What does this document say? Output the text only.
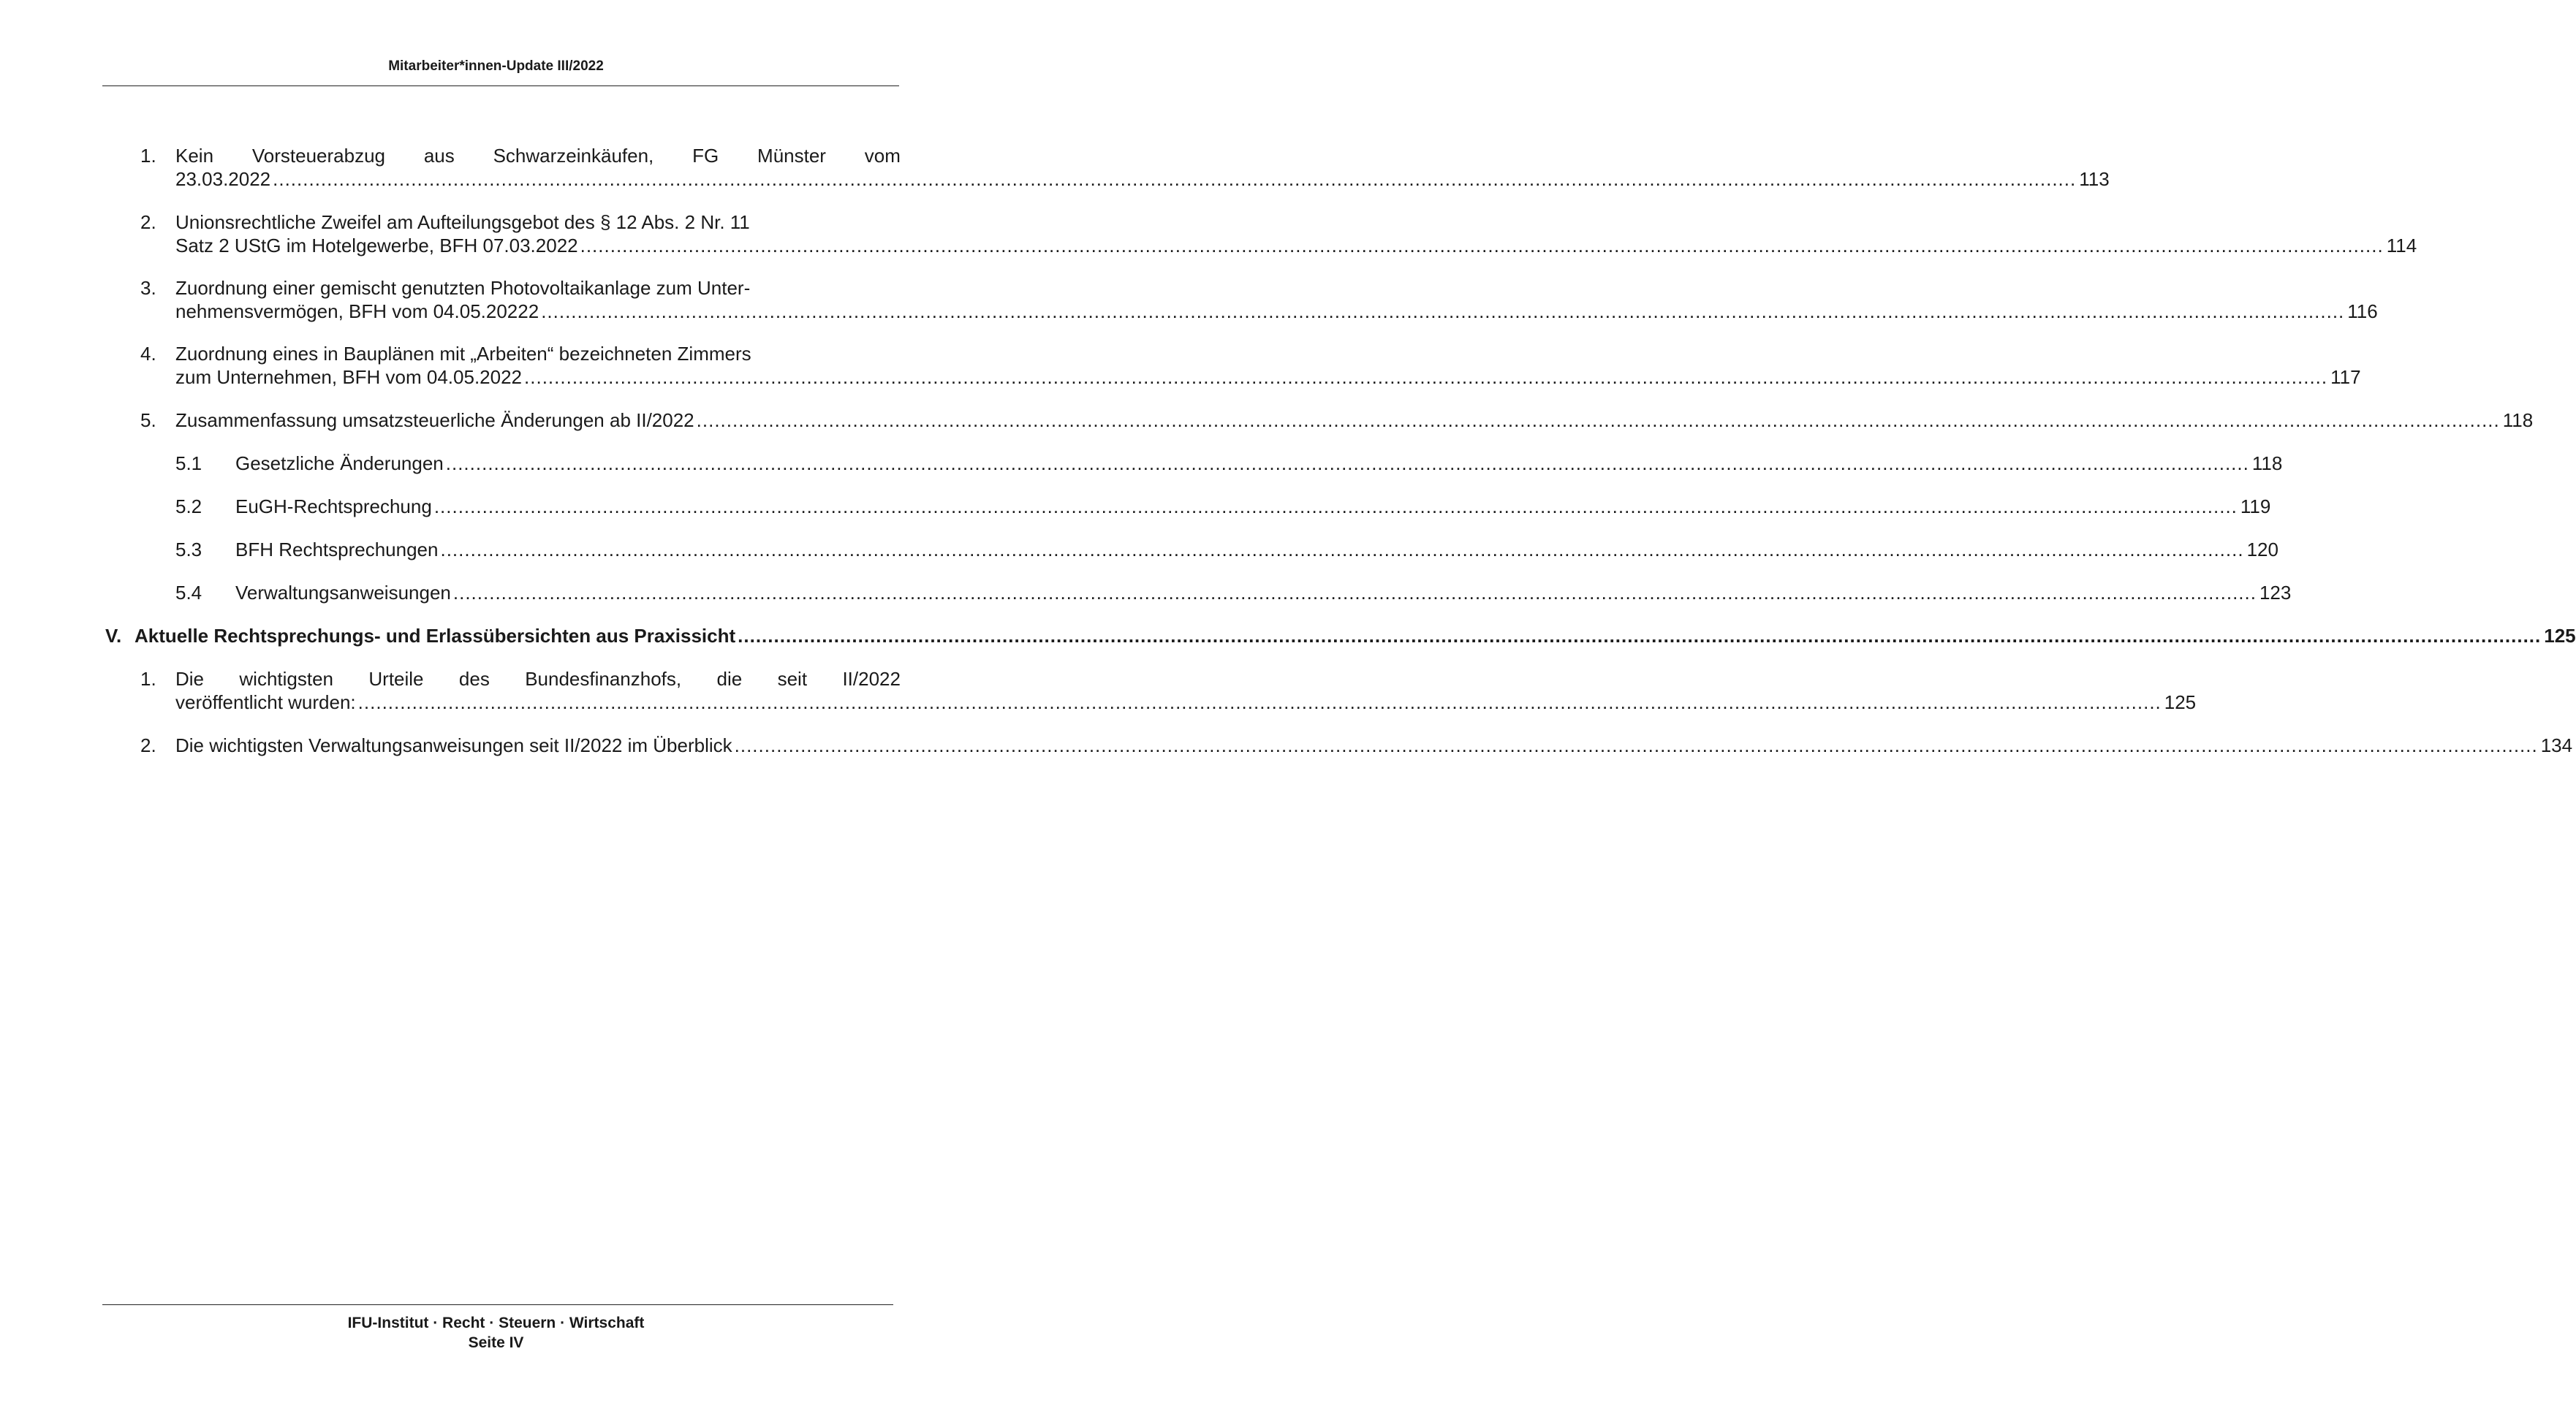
Mitarbeiter*innen-Update III/2022
1. Kein Vorsteuerabzug aus Schwarzeinkäufen, FG Münster vom
23.03.2022 ............................................................................................................................................................................................................................................................................................................ 113
2. Unionsrechtliche Zweifel am Aufteilungsgebot des § 12 Abs. 2 Nr. 11
Satz 2 UStG im Hotelgewerbe, BFH 07.03.2022 ............................................................................................................................................................................................................................................................................................................ 114
3. Zuordnung einer gemischt genutzten Photovoltaikanlage zum Unter-
nehmensvermögen, BFH vom 04.05.20222 ............................................................................................................................................................................................................................................................................................................ 116
4. Zuordnung eines in Bauplänen mit „Arbeiten“ bezeichneten Zimmers
zum Unternehmen, BFH vom 04.05.2022 ............................................................................................................................................................................................................................................................................................................ 117
5. Zusammenfassung umsatzsteuerliche Änderungen ab II/2022 ............................................................................................................................................................................................................................................................................................................ 118
5.1 Gesetzliche Änderungen ............................................................................................................................................................................................................................................................................................................ 118
5.2 EuGH-Rechtsprechung ............................................................................................................................................................................................................................................................................................................ 119
5.3 BFH Rechtsprechungen ............................................................................................................................................................................................................................................................................................................ 120
5.4 Verwaltungsanweisungen ............................................................................................................................................................................................................................................................................................................ 123
V. Aktuelle Rechtsprechungs- und Erlassübersichten aus Praxissicht ............................................................................................................................................................................................................................................................................................................ 125
1. Die wichtigsten Urteile des Bundesfinanzhofs, die seit II/2022
veröffentlicht wurden: ............................................................................................................................................................................................................................................................................................................ 125
2. Die wichtigsten Verwaltungsanweisungen seit II/2022 im Überblick ............................................................................................................................................................................................................................................................................................................ 134
IFU-Institut · Recht · Steuern · Wirtschaft
Seite IV
